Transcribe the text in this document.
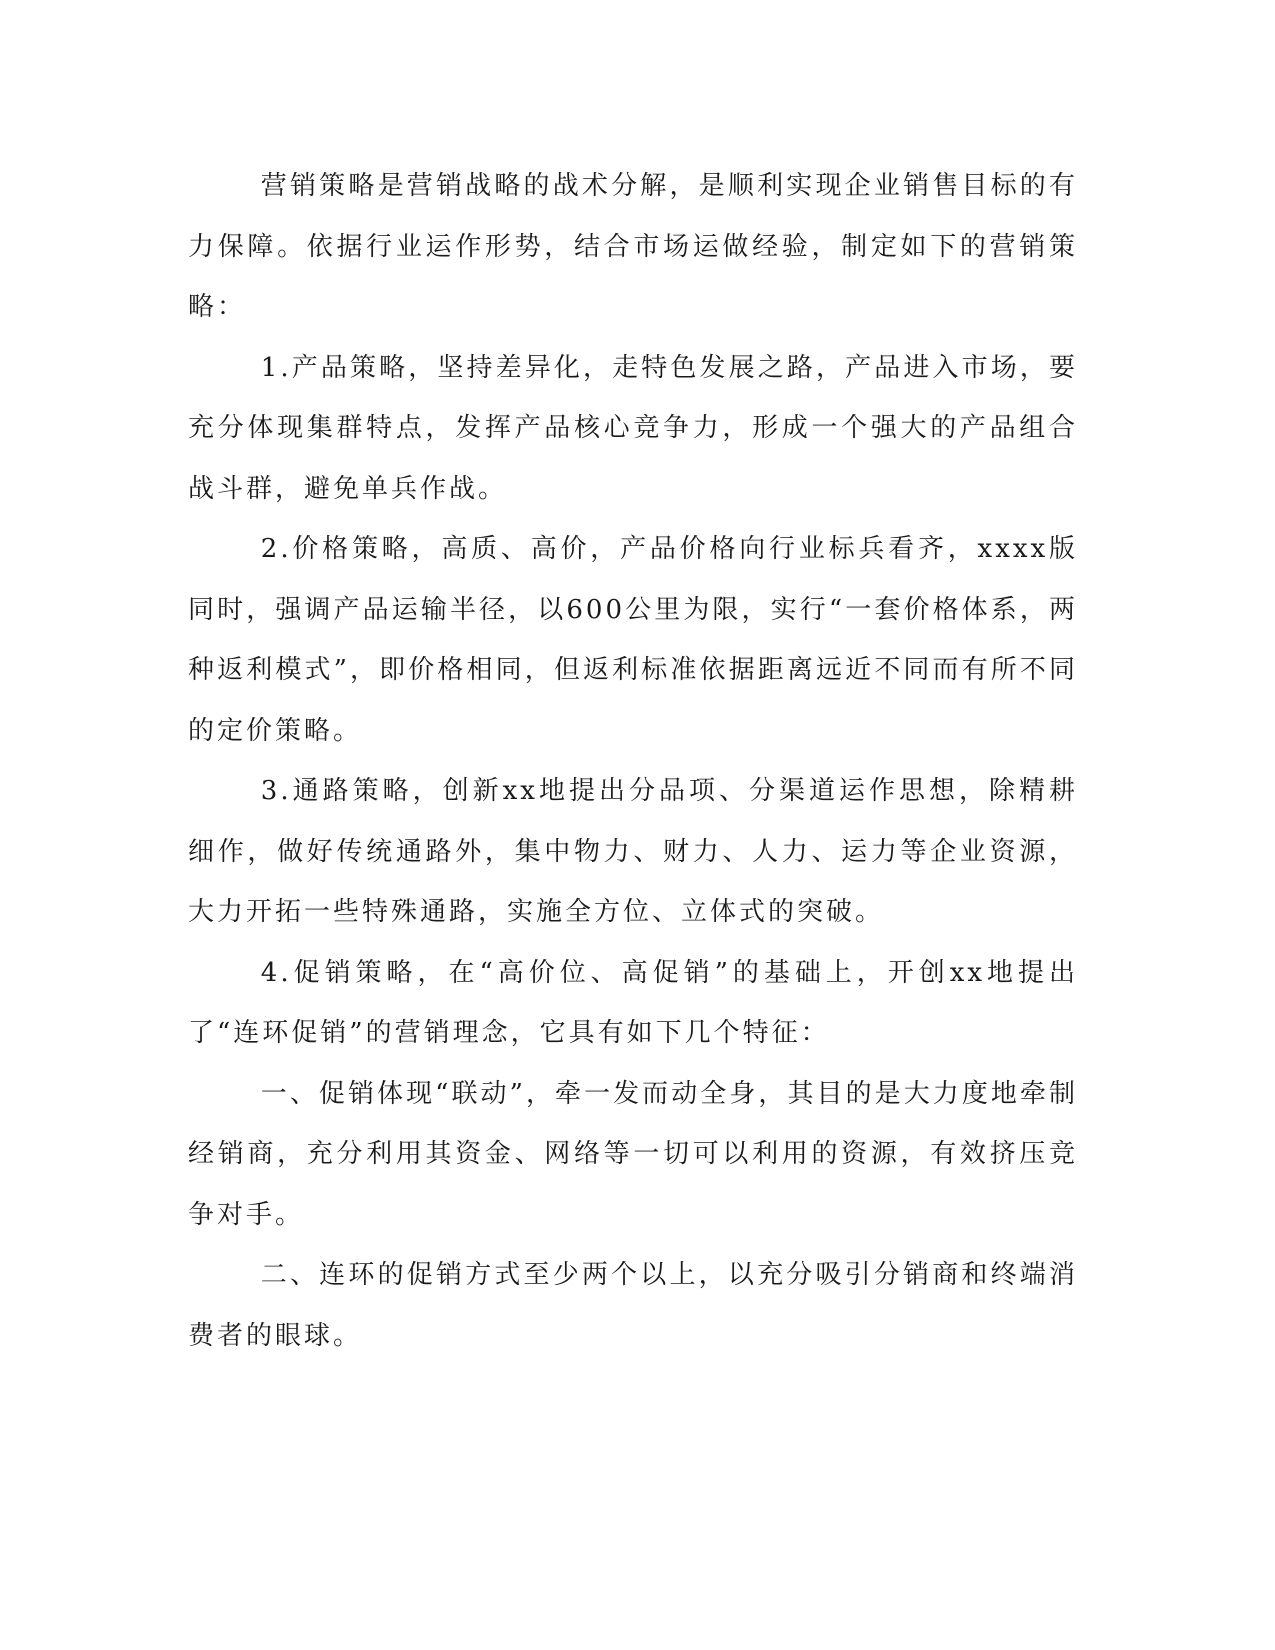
营销策略是营销战略的战术分解，是顺利实现企业销售目标的有力保障。依据行业运作形势，结合市场运做经验，制定如下的营销策略：

1.产品策略，坚持差异化，走特色发展之路，产品进入市场，要充分体现集群特点，发挥产品核心竞争力，形成一个强大的产品组合战斗群，避免单兵作战。

2.价格策略，高质、高价，产品价格向行业标兵看齐，xxxx版同时，强调产品运输半径，以600公里为限，实行“一套价格体系，两种返利模式”，即价格相同，但返利标准依据距离远近不同而有所不同的定价策略。

3.通路策略，创新xx地提出分品项、分渠道运作思想，除精耕细作，做好传统通路外，集中物力、财力、人力、运力等企业资源，大力开拓一些特殊通路，实施全方位、立体式的突破。

4.促销策略，在“高价位、高促销”的基础上，开创xx地提出了“连环促销”的营销理念，它具有如下几个特征：

一、促销体现“联动”，牵一发而动全身，其目的是大力度地牵制经销商，充分利用其资金、网络等一切可以利用的资源，有效挤压竞争对手。

二、连环的促销方式至少两个以上，以充分吸引分销商和终端消费者的眼球。
